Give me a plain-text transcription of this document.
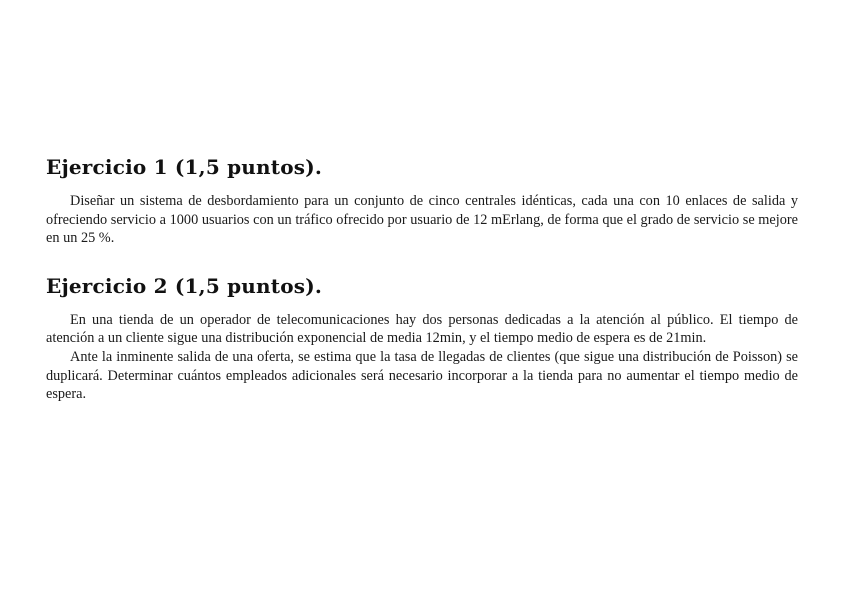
Ejercicio 1 (1,5 puntos).

Diseñar un sistema de desbordamiento para un conjunto de cinco centrales idénticas, cada una con 10 enlaces de salida y ofreciendo servicio a 1000 usuarios con un tráfico ofrecido por usuario de 12 mErlang, de forma que el grado de servicio se mejore en un 25 %.

Ejercicio 2 (1,5 puntos).

En una tienda de un operador de telecomunicaciones hay dos personas dedicadas a la atención al público. El tiempo de atención a un cliente sigue una distribución exponencial de media 12min, y el tiempo medio de espera es de 21min.

Ante la inminente salida de una oferta, se estima que la tasa de llegadas de clientes (que sigue una distribución de Poisson) se duplicará. Determinar cuántos empleados adicionales será necesario incorporar a la tienda para no aumentar el tiempo medio de espera.
